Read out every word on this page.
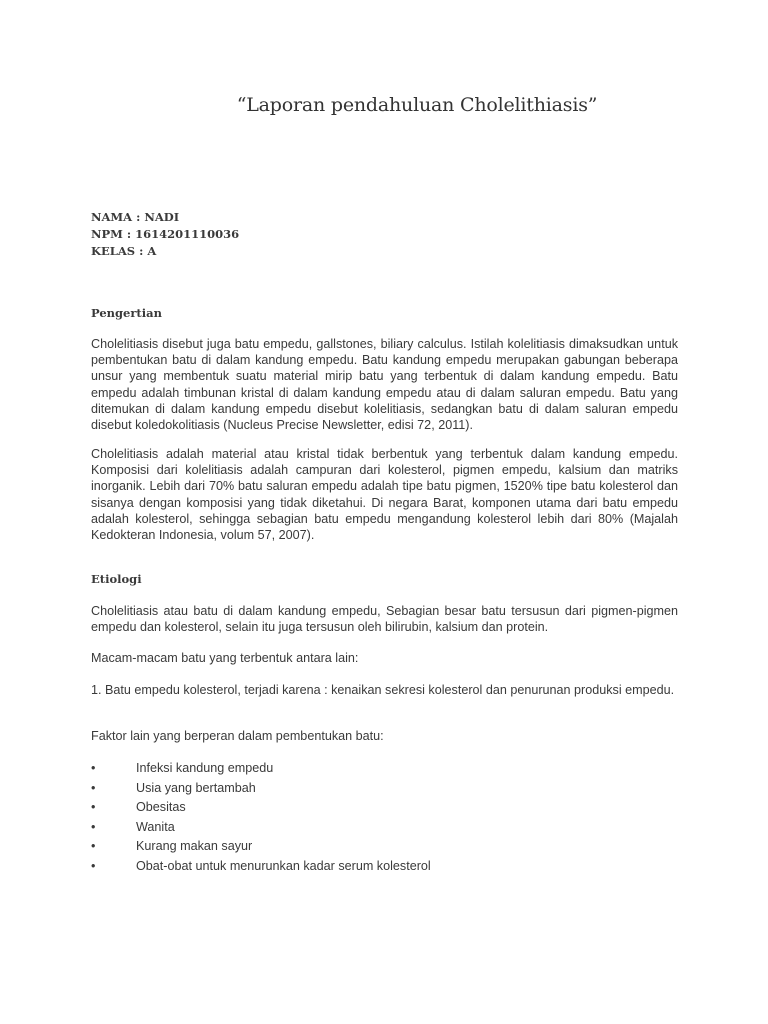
“Laporan pendahuluan Cholelithiasis”
NAMA : NADI
NPM : 1614201110036
KELAS : A
Pengertian
Cholelitiasis disebut juga batu empedu, gallstones, biliary calculus. Istilah kolelitiasis dimaksudkan untuk pembentukan batu di dalam kandung empedu. Batu kandung empedu merupakan gabungan beberapa unsur yang membentuk suatu material mirip batu yang terbentuk di dalam kandung empedu. Batu empedu adalah timbunan kristal di dalam kandung empedu atau di dalam saluran empedu. Batu yang ditemukan di dalam kandung empedu disebut kolelitiasis, sedangkan batu di dalam saluran empedu disebut koledokolitiasis (Nucleus Precise Newsletter, edisi 72, 2011).
Cholelitiasis adalah material atau kristal tidak berbentuk yang terbentuk dalam kandung empedu. Komposisi dari kolelitiasis adalah campuran dari kolesterol, pigmen empedu, kalsium dan matriks inorganik. Lebih dari 70% batu saluran empedu adalah tipe batu pigmen, 1520% tipe batu kolesterol dan sisanya dengan komposisi yang tidak diketahui. Di negara Barat, komponen utama dari batu empedu adalah kolesterol, sehingga sebagian batu empedu mengandung kolesterol lebih dari 80% (Majalah Kedokteran Indonesia, volum 57, 2007).
Etiologi
Cholelitiasis atau batu di dalam kandung empedu, Sebagian besar batu tersusun dari pigmen-pigmen empedu dan kolesterol, selain itu juga tersusun oleh bilirubin, kalsium dan protein.
Macam-macam batu yang terbentuk antara lain:
1. Batu empedu kolesterol, terjadi karena : kenaikan sekresi kolesterol dan penurunan produksi empedu.
Faktor lain yang berperan dalam pembentukan batu:
•	Infeksi kandung empedu
•	Usia yang bertambah
•	Obesitas
•	Wanita
•	Kurang makan sayur
•	Obat-obat untuk menurunkan kadar serum kolesterol
